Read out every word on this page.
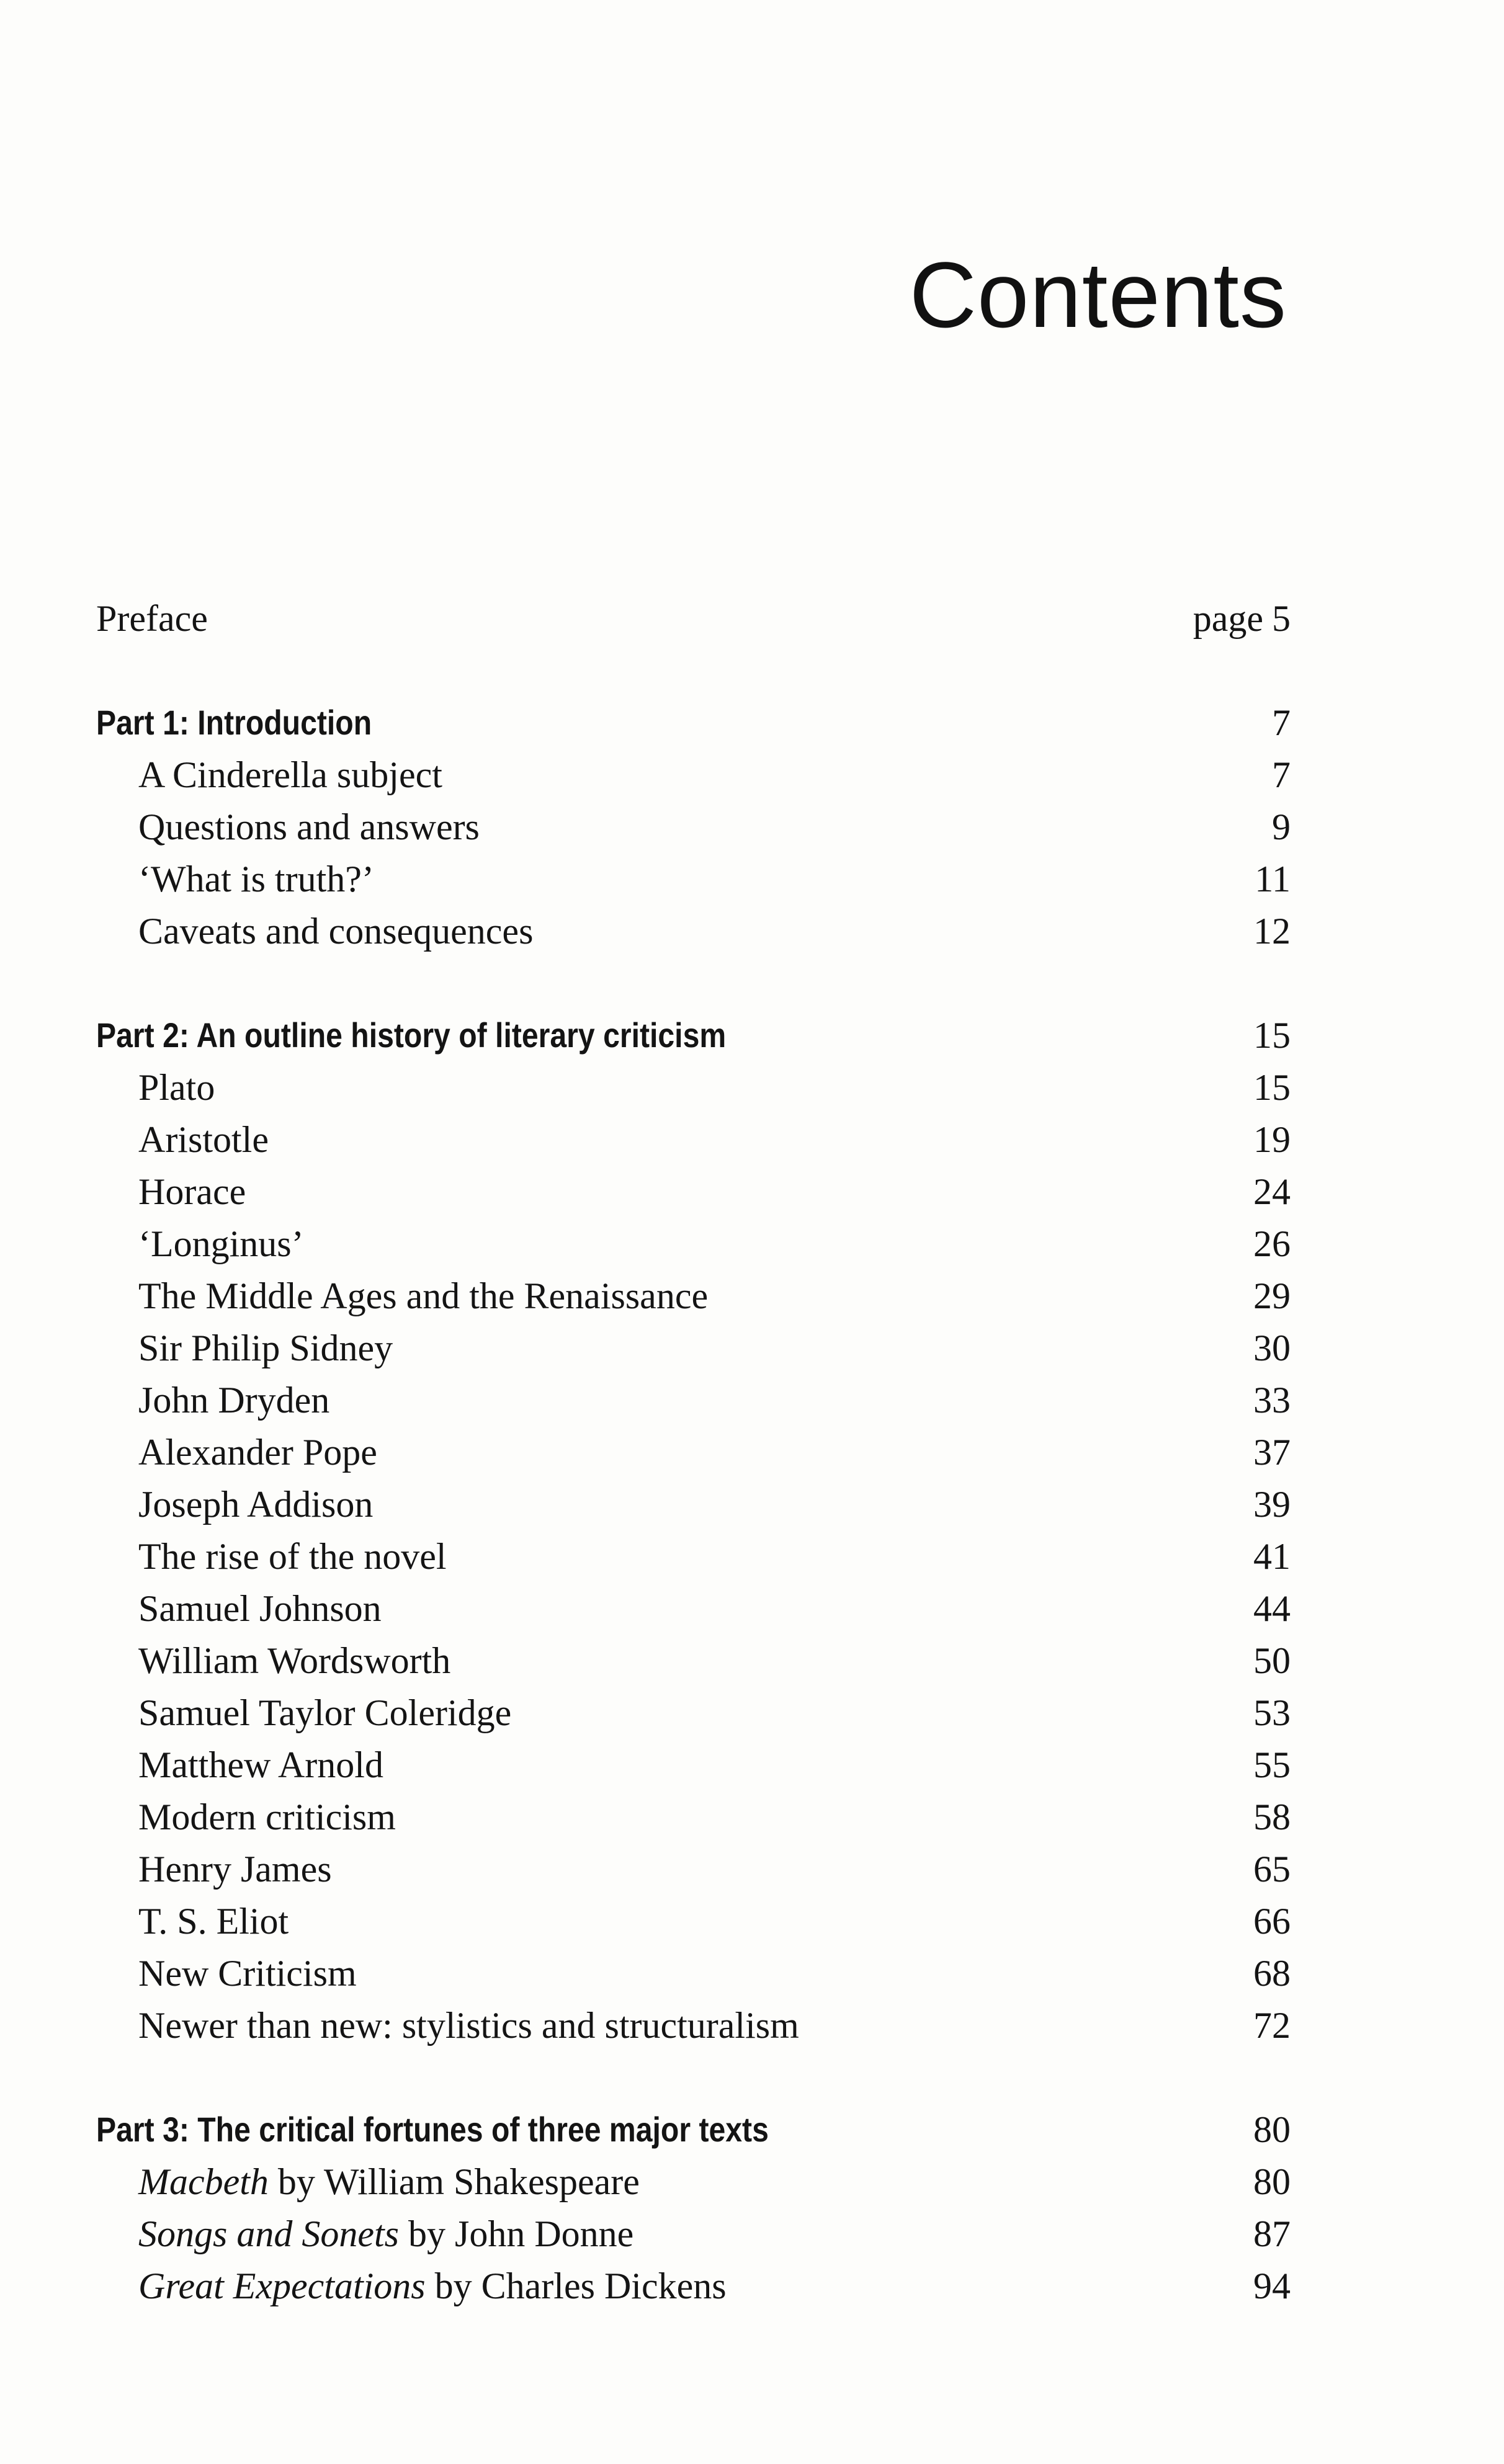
Contents
Preface	page 5
Part 1: Introduction	7
A Cinderella subject	7
Questions and answers	9
‘What is truth?’	11
Caveats and consequences	12
Part 2: An outline history of literary criticism	15
Plato	15
Aristotle	19
Horace	24
‘Longinus’	26
The Middle Ages and the Renaissance	29
Sir Philip Sidney	30
John Dryden	33
Alexander Pope	37
Joseph Addison	39
The rise of the novel	41
Samuel Johnson	44
William Wordsworth	50
Samuel Taylor Coleridge	53
Matthew Arnold	55
Modern criticism	58
Henry James	65
T. S. Eliot	66
New Criticism	68
Newer than new: stylistics and structuralism	72
Part 3: The critical fortunes of three major texts	80
Macbeth by William Shakespeare	80
Songs and Sonets by John Donne	87
Great Expectations by Charles Dickens	94
